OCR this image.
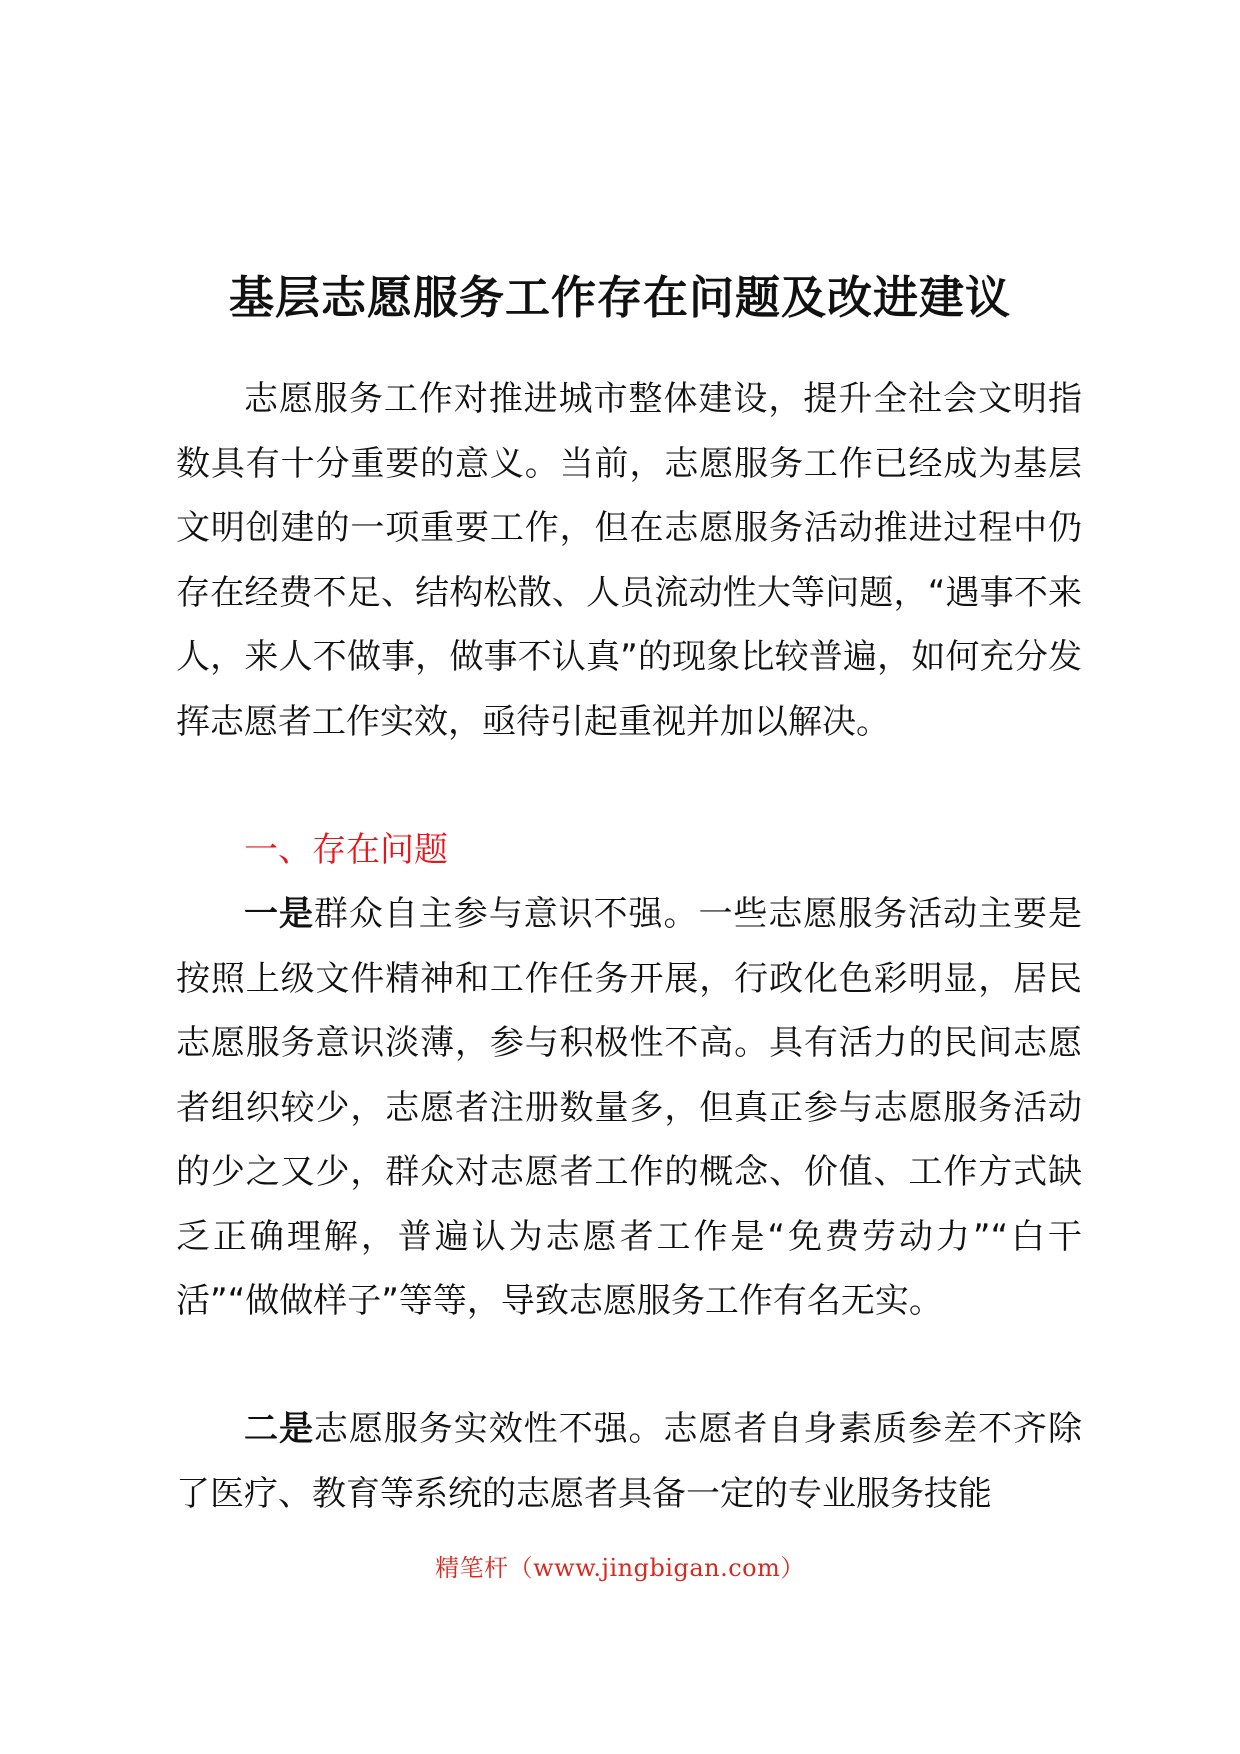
基层志愿服务工作存在问题及改进建议

志愿服务工作对推进城市整体建设，提升全社会文明指数具有十分重要的意义。当前，志愿服务工作已经成为基层文明创建的一项重要工作，但在志愿服务活动推进过程中仍存在经费不足、结构松散、人员流动性大等问题，“遇事不来人，来人不做事，做事不认真”的现象比较普遍，如何充分发挥志愿者工作实效，亟待引起重视并加以解决。

一、存在问题

一是群众自主参与意识不强。一些志愿服务活动主要是按照上级文件精神和工作任务开展，行政化色彩明显，居民志愿服务意识淡薄，参与积极性不高。具有活力的民间志愿者组织较少，志愿者注册数量多，但真正参与志愿服务活动的少之又少，群众对志愿者工作的概念、价值、工作方式缺乏正确理解，普遍认为志愿者工作是“免费劳动力”“白干活”“做做样子”等等，导致志愿服务工作有名无实。

二是志愿服务实效性不强。志愿者自身素质参差不齐除了医疗、教育等系统的志愿者具备一定的专业服务技能

精笔杆（www.jingbigan.com）
